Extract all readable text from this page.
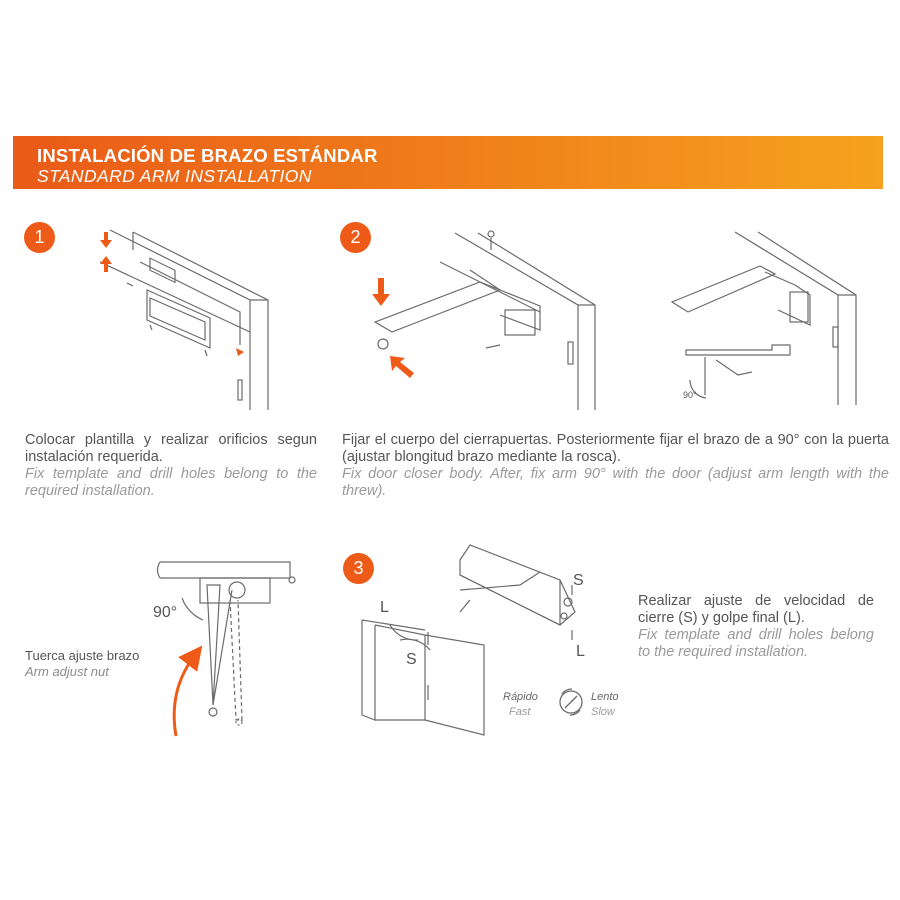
INSTALACIÓN DE BRAZO ESTÁNDAR
STANDARD ARM INSTALLATION
1	2
3
90°
90°	L
S
S
L
Rápido
Fast
Lento
Slow
Colocar plantilla y realizar orificios segun instalación requerida.
Fix template and drill holes belong to the required installation.
Fijar el cuerpo del cierrapuertas. Posteriormente fijar el brazo de a 90° con la puerta (ajustar blongitud brazo mediante la rosca).
Fix door closer body. After, fix arm 90° with the door (adjust arm length with the threw).
Tuerca ajuste brazo
Arm adjust nut
Realizar ajuste de velocidad de cierre (S) y golpe final (L).
Fix template and drill holes belong to the required installation.
